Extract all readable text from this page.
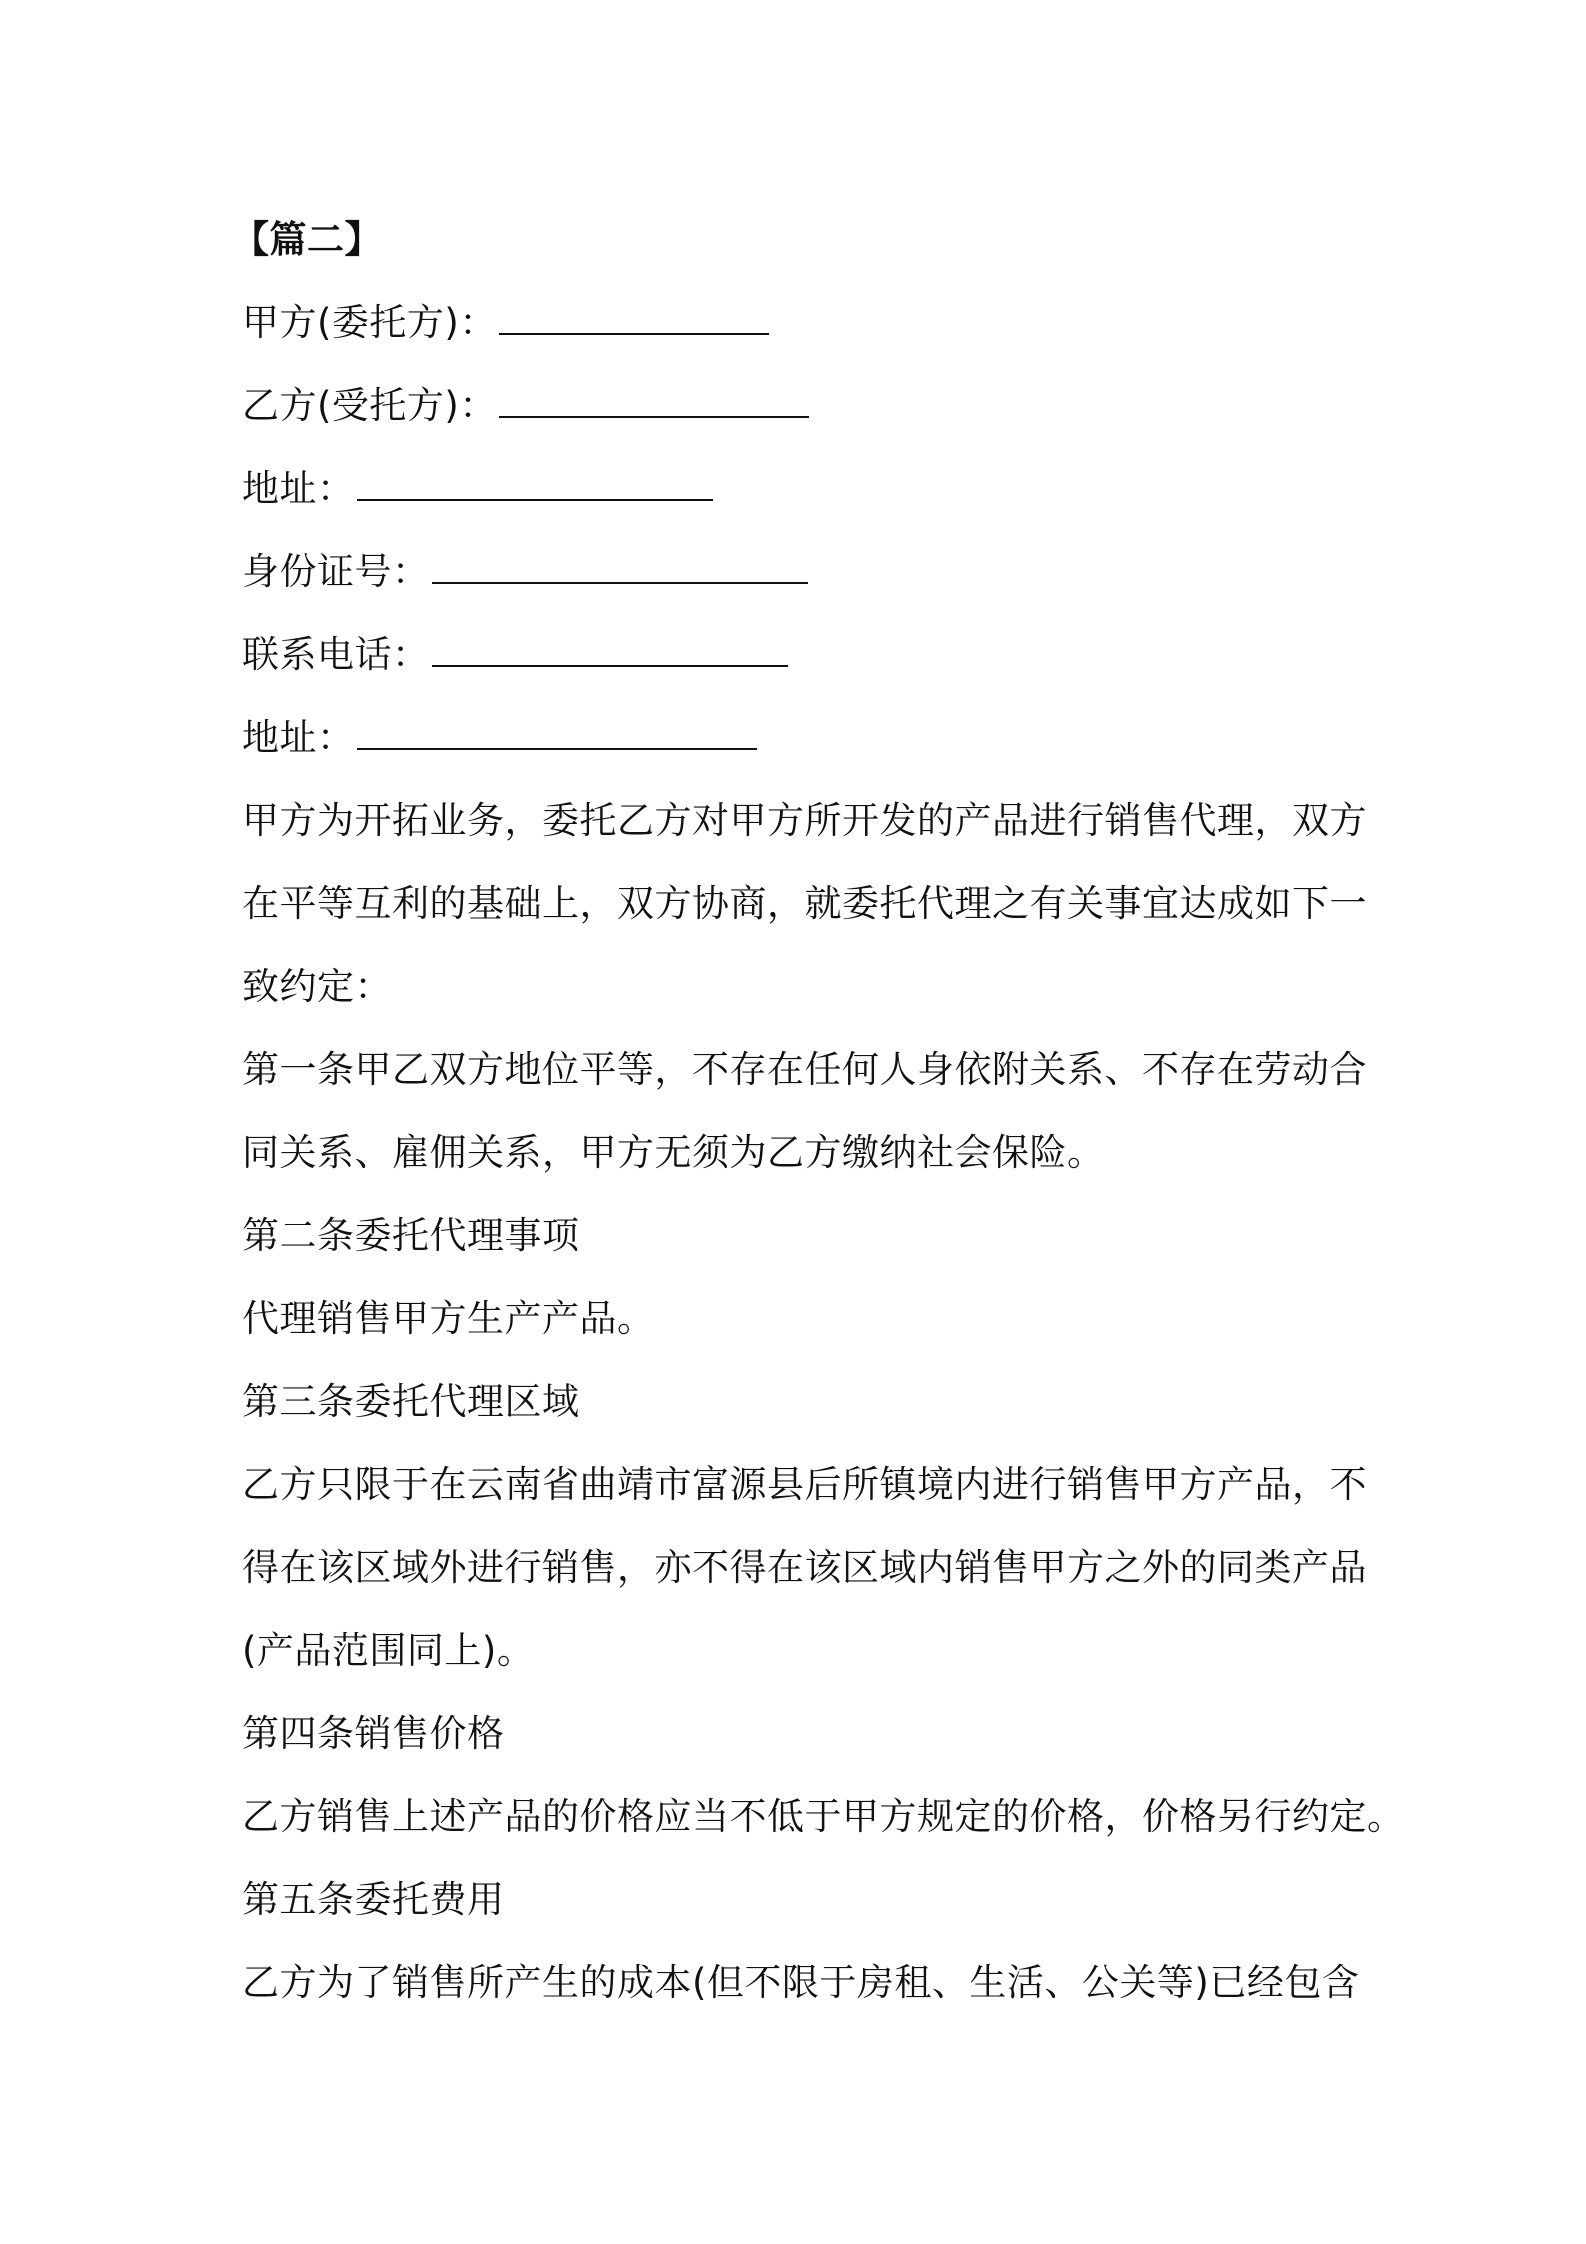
【篇二】
甲方(委托方)：
乙方(受托方)：
地址：
身份证号：
联系电话：
地址：
甲方为开拓业务，委托乙方对甲方所开发的产品进行销售代理，双方
在平等互利的基础上，双方协商，就委托代理之有关事宜达成如下一
致约定：
第一条甲乙双方地位平等，不存在任何人身依附关系、不存在劳动合
同关系、雇佣关系，甲方无须为乙方缴纳社会保险。
第二条委托代理事项
代理销售甲方生产产品。
第三条委托代理区域
乙方只限于在云南省曲靖市富源县后所镇境内进行销售甲方产品，不
得在该区域外进行销售，亦不得在该区域内销售甲方之外的同类产品
(产品范围同上)。
第四条销售价格
乙方销售上述产品的价格应当不低于甲方规定的价格，价格另行约定。
第五条委托费用
乙方为了销售所产生的成本(但不限于房租、生活、公关等)已经包含
